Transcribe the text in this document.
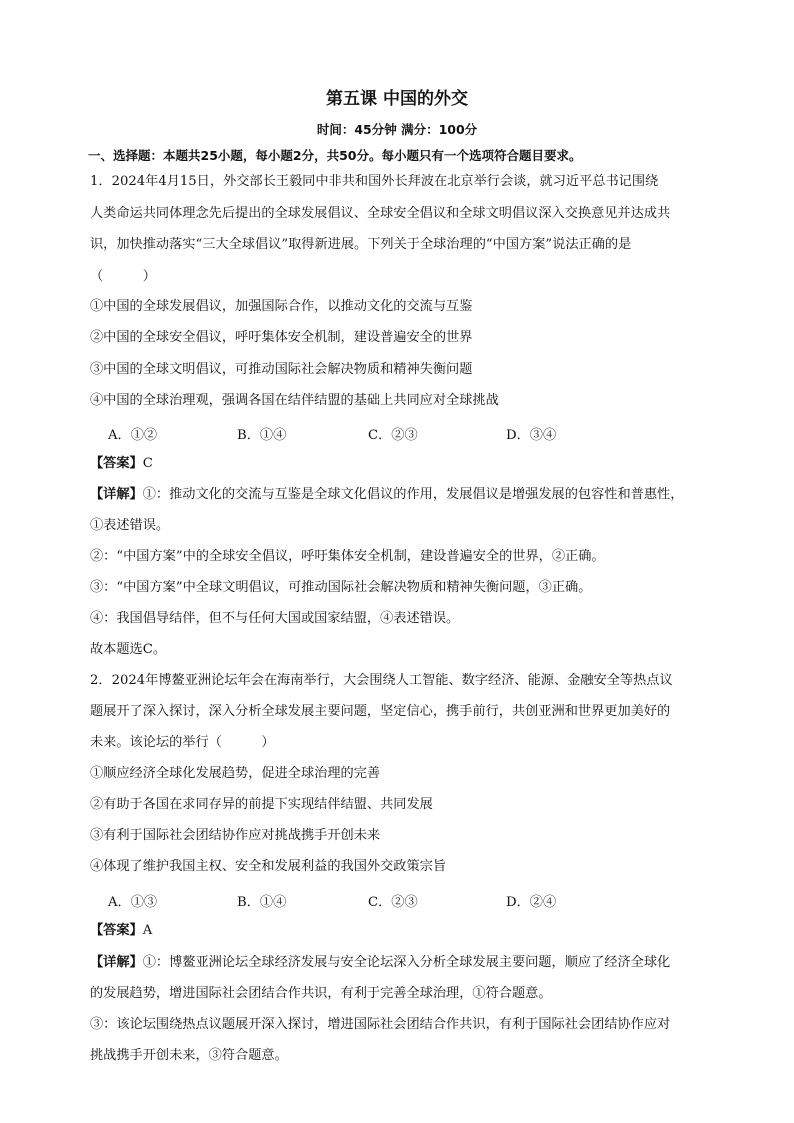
第五课 中国的外交
时间：45分钟 满分：100分
一、选择题：本题共25小题，每小题2分，共50分。每小题只有一个选项符合题目要求。
1．2024年4月15日，外交部长王毅同中非共和国外长拜波在北京举行会谈，就习近平总书记围绕
人类命运共同体理念先后提出的全球发展倡议、全球安全倡议和全球文明倡议深入交换意见并达成共
识，加快推动落实“三大全球倡议”取得新进展。下列关于全球治理的“中国方案”说法正确的是
（　　　）
①中国的全球发展倡议，加强国际合作，以推动文化的交流与互鉴
②中国的全球安全倡议，呼吁集体安全机制，建设普遍安全的世界
③中国的全球文明倡议，可推动国际社会解决物质和精神失衡问题
④中国的全球治理观，强调各国在结伴结盟的基础上共同应对全球挑战
A．①②	B．①④	C．②③	D．③④
【答案】C
【详解】①：推动文化的交流与互鉴是全球文化倡议的作用，发展倡议是增强发展的包容性和普惠性，
①表述错误。
②：“中国方案”中的全球安全倡议，呼吁集体安全机制，建设普遍安全的世界，②正确。
③：“中国方案”中全球文明倡议，可推动国际社会解决物质和精神失衡问题，③正确。
④：我国倡导结伴，但不与任何大国或国家结盟，④表述错误。
故本题选C。
2．2024年博鳌亚洲论坛年会在海南举行，大会围绕人工智能、数字经济、能源、金融安全等热点议
题展开了深入探讨，深入分析全球发展主要问题，坚定信心，携手前行，共创亚洲和世界更加美好的
未来。该论坛的举行（　　　）
①顺应经济全球化发展趋势，促进全球治理的完善
②有助于各国在求同存异的前提下实现结伴结盟、共同发展
③有利于国际社会团结协作应对挑战携手开创未来
④体现了维护我国主权、安全和发展利益的我国外交政策宗旨
A．①③	B．①④	C．②③	D．②④
【答案】A
【详解】①：博鳌亚洲论坛全球经济发展与安全论坛深入分析全球发展主要问题，顺应了经济全球化
的发展趋势，增进国际社会团结合作共识，有利于完善全球治理，①符合题意。
③：该论坛围绕热点议题展开深入探讨，增进国际社会团结合作共识，有利于国际社会团结协作应对
挑战携手开创未来，③符合题意。
